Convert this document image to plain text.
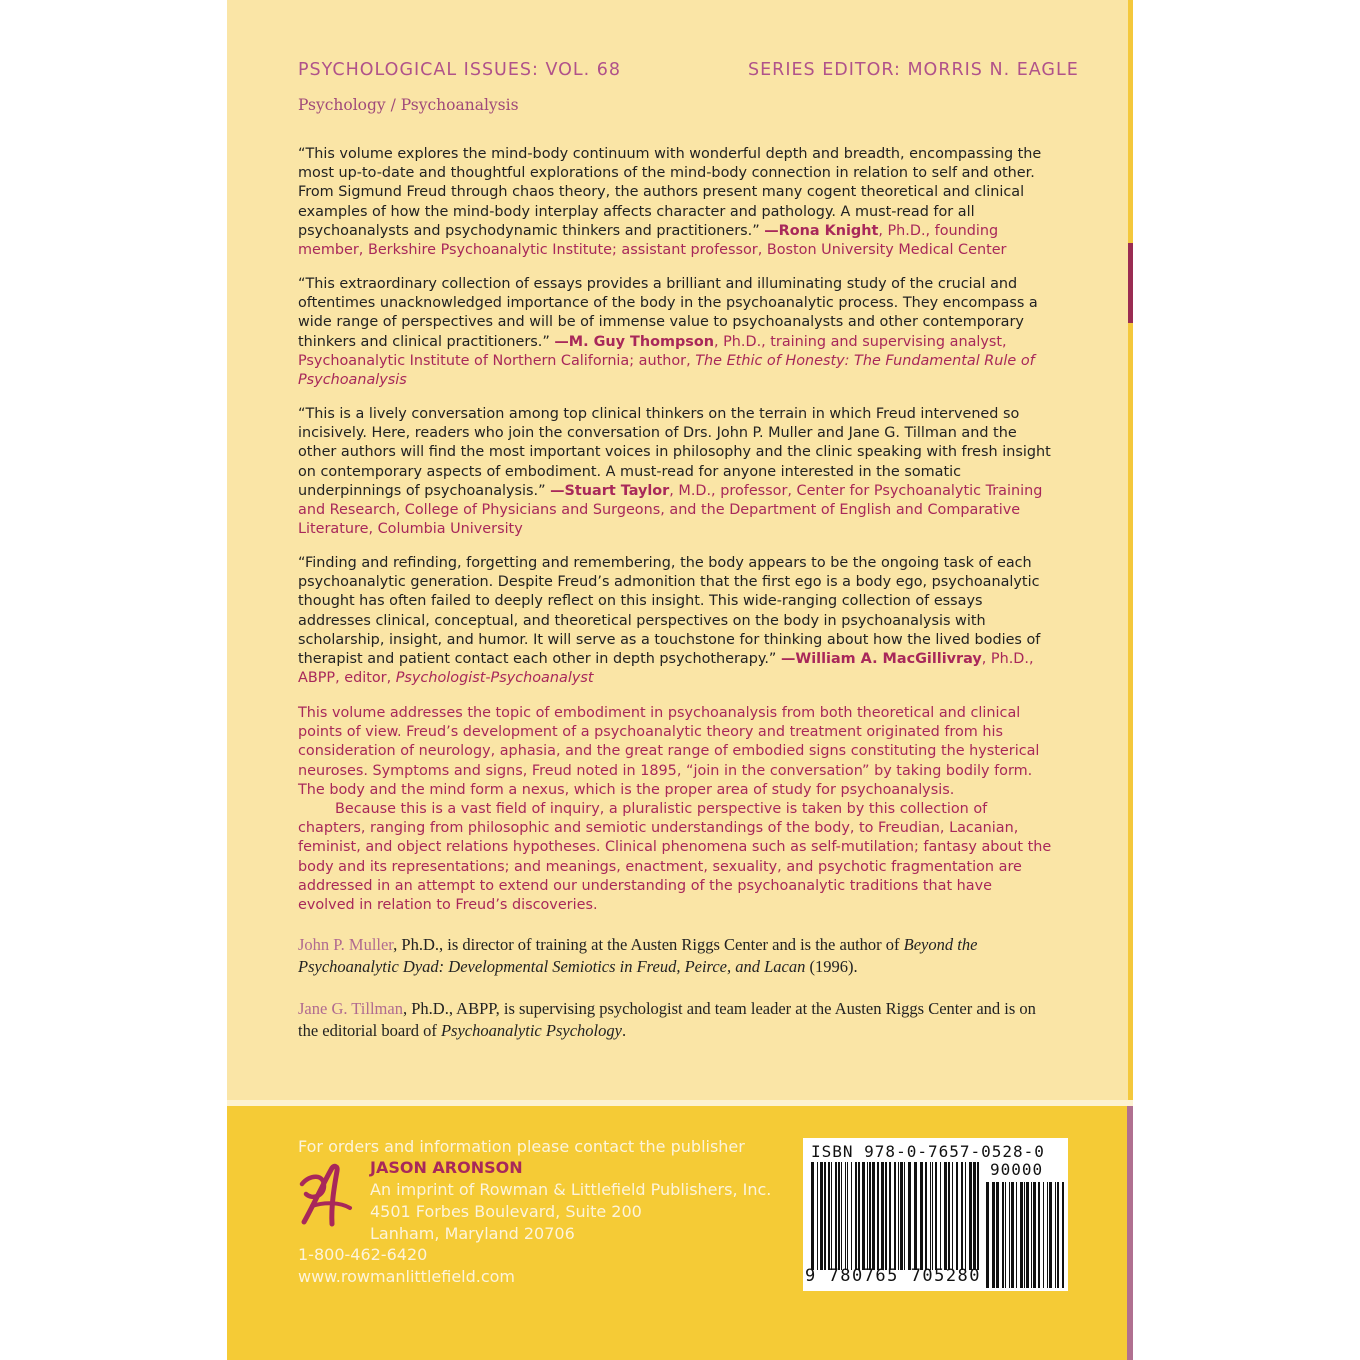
PSYCHOLOGICAL ISSUES: VOL. 68	SERIES EDITOR: MORRIS N. EAGLE
Psychology / Psychoanalysis
“This volume explores the mind-body continuum with wonderful depth and breadth, encompassing the most up-to-date and thoughtful explorations of the mind-body connection in relation to self and other. From Sigmund Freud through chaos theory, the authors present many cogent theoretical and clinical examples of how the mind-body interplay affects character and pathology. A must-read for all psychoanalysts and psychodynamic thinkers and practitioners.” —Rona Knight, Ph.D., founding member, Berkshire Psychoanalytic Institute; assistant professor, Boston University Medical Center
“This extraordinary collection of essays provides a brilliant and illuminating study of the crucial and oftentimes unacknowledged importance of the body in the psychoanalytic process. They encompass a wide range of perspectives and will be of immense value to psychoanalysts and other contemporary thinkers and clinical practitioners.” —M. Guy Thompson, Ph.D., training and supervising analyst, Psychoanalytic Institute of Northern California; author, The Ethic of Honesty: The Fundamental Rule of Psychoanalysis
“This is a lively conversation among top clinical thinkers on the terrain in which Freud intervened so incisively. Here, readers who join the conversation of Drs. John P. Muller and Jane G. Tillman and the other authors will find the most important voices in philosophy and the clinic speaking with fresh insight on contemporary aspects of embodiment. A must-read for anyone interested in the somatic underpinnings of psychoanalysis.” —Stuart Taylor, M.D., professor, Center for Psychoanalytic Training and Research, College of Physicians and Surgeons, and the Department of English and Comparative Literature, Columbia University
“Finding and refinding, forgetting and remembering, the body appears to be the ongoing task of each psychoanalytic generation. Despite Freud’s admonition that the first ego is a body ego, psychoanalytic thought has often failed to deeply reflect on this insight. This wide-ranging collection of essays addresses clinical, conceptual, and theoretical perspectives on the body in psychoanalysis with scholarship, insight, and humor. It will serve as a touchstone for thinking about how the lived bodies of therapist and patient contact each other in depth psychotherapy.” —William A. MacGillivray, Ph.D., ABPP, editor, Psychologist-Psychoanalyst

This volume addresses the topic of embodiment in psychoanalysis from both theoretical and clinical points of view. Freud’s development of a psychoanalytic theory and treatment originated from his consideration of neurology, aphasia, and the great range of embodied signs constituting the hysterical neuroses. Symptoms and signs, Freud noted in 1895, “join in the conversation” by taking bodily form. The body and the mind form a nexus, which is the proper area of study for psychoanalysis.

Because this is a vast field of inquiry, a pluralistic perspective is taken by this collection of chapters, ranging from philosophic and semiotic understandings of the body, to Freudian, Lacanian, feminist, and object relations hypotheses. Clinical phenomena such as self-mutilation; fantasy about the body and its representations; and meanings, enactment, sexuality, and psychotic fragmentation are addressed in an attempt to extend our understanding of the psychoanalytic traditions that have evolved in relation to Freud’s discoveries.

John P. Muller, Ph.D., is director of training at the Austen Riggs Center and is the author of Beyond the Psychoanalytic Dyad: Developmental Semiotics in Freud, Peirce, and Lacan (1996).
Jane G. Tillman, Ph.D., ABPP, is supervising psychologist and team leader at the Austen Riggs Center and is on the editorial board of Psychoanalytic Psychology.
For orders and information please contact the publisher
JASON ARONSON
An imprint of Rowman & Littlefield Publishers, Inc.
4501 Forbes Boulevard, Suite 200
Lanham, Maryland 20706
1-800-462-6420
www.rowmanlittlefield.com
ISBN 978-0-7657-0528-0
90000
9 780765 705280
